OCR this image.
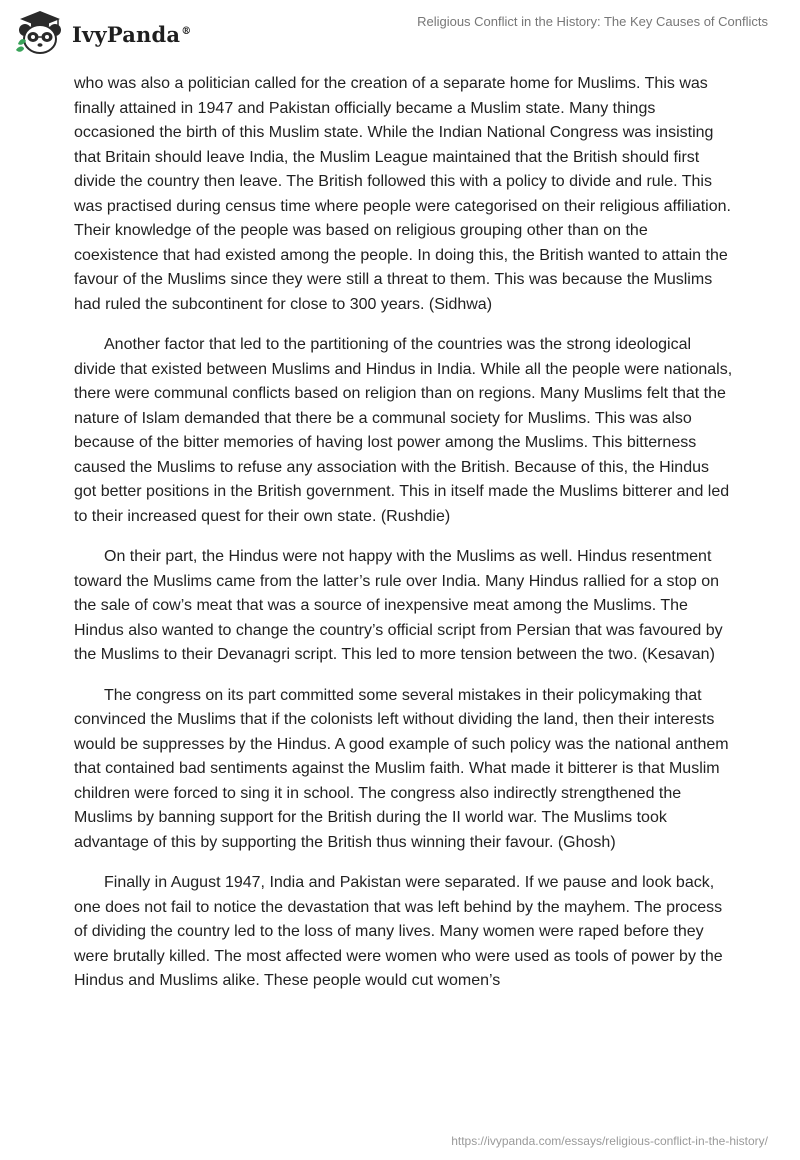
IvyPanda®
Religious Conflict in the History: The Key Causes of Conflicts

who was also a politician called for the creation of a separate home for Muslims. This was finally attained in 1947 and Pakistan officially became a Muslim state. Many things occasioned the birth of this Muslim state. While the Indian National Congress was insisting that Britain should leave India, the Muslim League maintained that the British should first divide the country then leave. The British followed this with a policy to divide and rule. This was practised during census time where people were categorised on their religious affiliation. Their knowledge of the people was based on religious grouping other than on the coexistence that had existed among the people. In doing this, the British wanted to attain the favour of the Muslims since they were still a threat to them. This was because the Muslims had ruled the subcontinent for close to 300 years. (Sidhwa)

Another factor that led to the partitioning of the countries was the strong ideological divide that existed between Muslims and Hindus in India. While all the people were nationals, there were communal conflicts based on religion than on regions. Many Muslims felt that the nature of Islam demanded that there be a communal society for Muslims. This was also because of the bitter memories of having lost power among the Muslims. This bitterness caused the Muslims to refuse any association with the British. Because of this, the Hindus got better positions in the British government. This in itself made the Muslims bitterer and led to their increased quest for their own state. (Rushdie)

On their part, the Hindus were not happy with the Muslims as well. Hindus resentment toward the Muslims came from the latter’s rule over India. Many Hindus rallied for a stop on the sale of cow’s meat that was a source of inexpensive meat among the Muslims. The Hindus also wanted to change the country’s official script from Persian that was favoured by the Muslims to their Devanagri script. This led to more tension between the two. (Kesavan)

The congress on its part committed some several mistakes in their policymaking that convinced the Muslims that if the colonists left without dividing the land, then their interests would be suppresses by the Hindus. A good example of such policy was the national anthem that contained bad sentiments against the Muslim faith. What made it bitterer is that Muslim children were forced to sing it in school. The congress also indirectly strengthened the Muslims by banning support for the British during the II world war. The Muslims took advantage of this by supporting the British thus winning their favour. (Ghosh)

Finally in August 1947, India and Pakistan were separated. If we pause and look back, one does not fail to notice the devastation that was left behind by the mayhem. The process of dividing the country led to the loss of many lives. Many women were raped before they were brutally killed. The most affected were women who were used as tools of power by the Hindus and Muslims alike. These people would cut women’s

https://ivypanda.com/essays/religious-conflict-in-the-history/
